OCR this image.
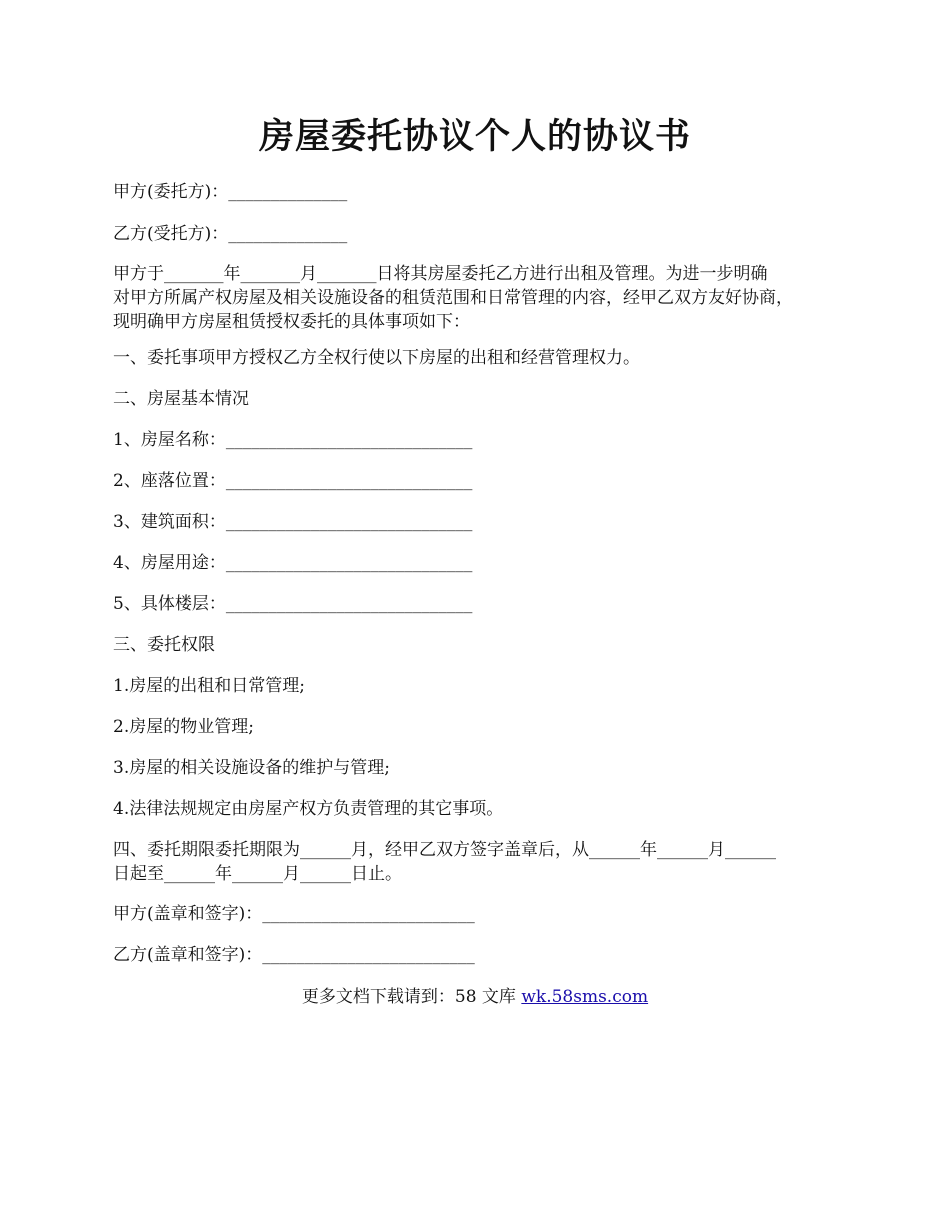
房屋委托协议个人的协议书

甲方(委托方)：______________

乙方(受托方)：______________

甲方于_______年_______月_______日将其房屋委托乙方进行出租及管理。为进一步明确
对甲方所属产权房屋及相关设施设备的租赁范围和日常管理的内容，经甲乙双方友好协商，
现明确甲方房屋租赁授权委托的具体事项如下：

一、委托事项甲方授权乙方全权行使以下房屋的出租和经营管理权力。

二、房屋基本情况

1、房屋名称：_____________________________

2、座落位置：_____________________________

3、建筑面积：_____________________________

4、房屋用途：_____________________________

5、具体楼层：_____________________________

三、委托权限

1.房屋的出租和日常管理;

2.房屋的物业管理;

3.房屋的相关设施设备的维护与管理;

4.法律法规规定由房屋产权方负责管理的其它事项。

四、委托期限委托期限为______月，经甲乙双方签字盖章后，从______年______月______
日起至______年______月______日止。

甲方(盖章和签字)：_________________________

乙方(盖章和签字)：_________________________

更多文档下载请到：58 文库 wk.58sms.com
